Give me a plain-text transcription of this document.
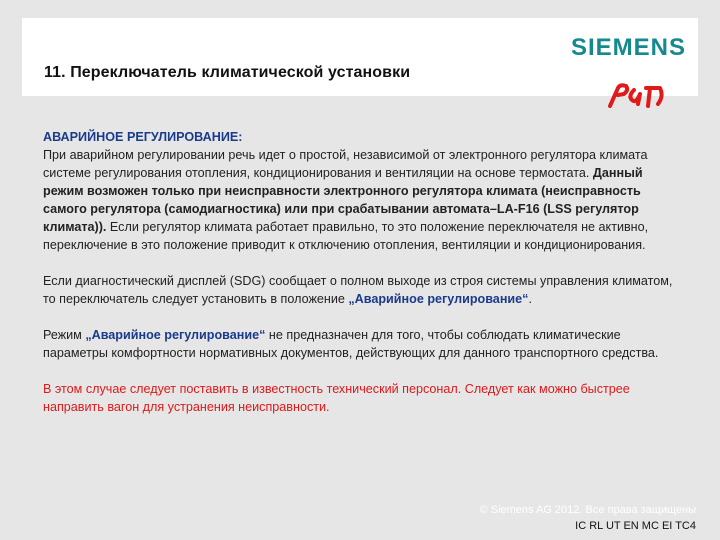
11. Переключатель климатической установки
SIEMENS

АВАРИЙНОЕ РЕГУЛИРОВАНИЕ:
При аварийном регулировании речь идет о простой, независимой от электронного регулятора климата системе регулирования отопления, кондиционирования и вентиляции на основе термостата. Данный режим возможен только при неисправности электронного регулятора климата (неисправность самого регулятора (самодиагностика) или при срабатывании автомата–LA-F16 (LSS регулятор климата)). Если регулятор климата работает правильно, то это положение переключателя не активно, переключение в это положение приводит к отключению отопления, вентиляции и кондиционирования.

Если диагностический дисплей (SDG) сообщает о полном выходе из строя системы управления климатом, то переключатель следует установить в положение „Аварийное регулирование“.

Режим „Аварийное регулирование“ не предназначен для того, чтобы соблюдать климатические параметры комфортности нормативных документов, действующих для данного транспортного средства.

В этом случае следует поставить в известность технический персонал. Следует как можно быстрее направить вагон для устранения неисправности.

© Siemens AG 2012. Все права защищены
IC RL UT EN MC EI TC4
